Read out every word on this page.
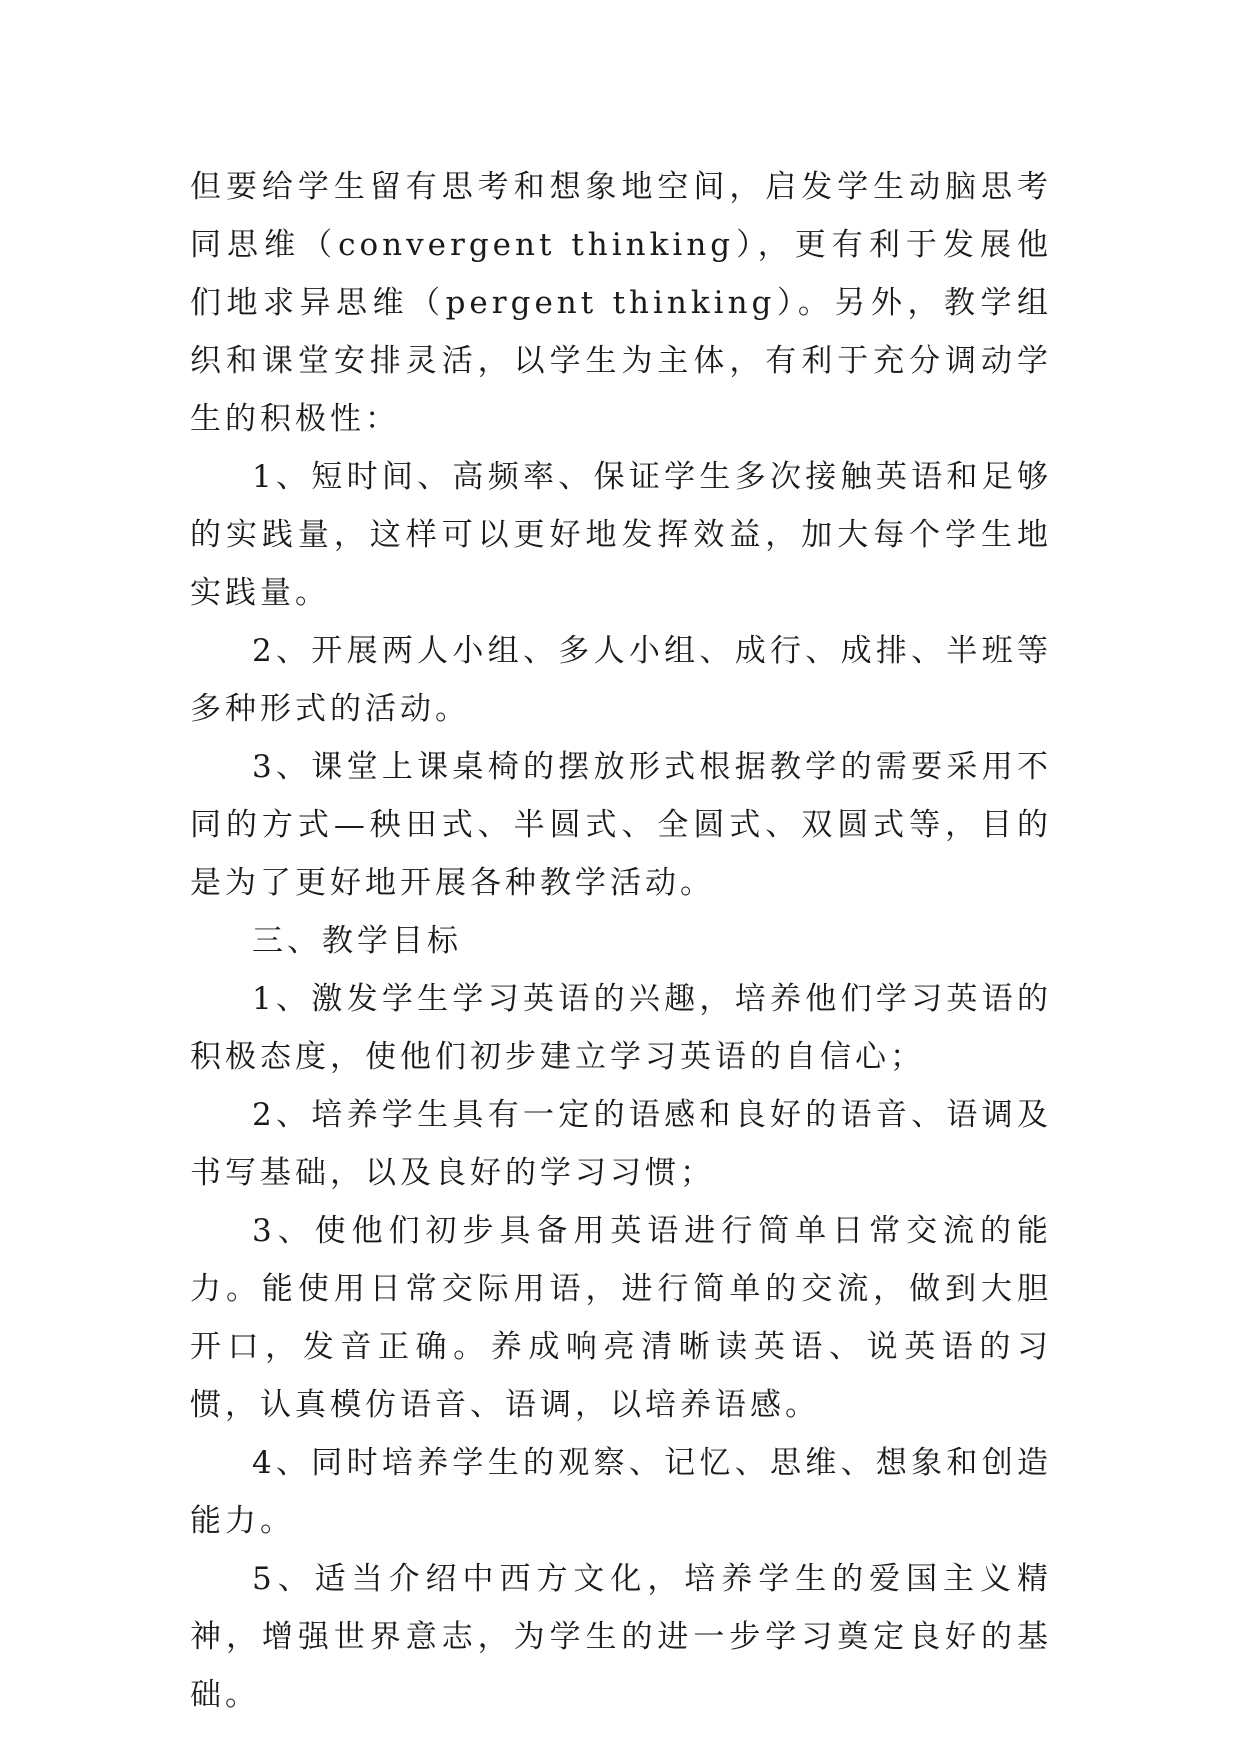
但要给学生留有思考和想象地空间，启发学生动脑思考同思维（convergent thinking），更有利于发展他们地求异思维（pergent thinking）。另外，教学组织和课堂安排灵活，以学生为主体，有利于充分调动学生的积极性：

1、短时间、高频率、保证学生多次接触英语和足够的实践量，这样可以更好地发挥效益，加大每个学生地实践量。

2、开展两人小组、多人小组、成行、成排、半班等多种形式的活动。

3、课堂上课桌椅的摆放形式根据教学的需要采用不同的方式—秧田式、半圆式、全圆式、双圆式等，目的是为了更好地开展各种教学活动。

三、教学目标

1、激发学生学习英语的兴趣，培养他们学习英语的积极态度，使他们初步建立学习英语的自信心；

2、培养学生具有一定的语感和良好的语音、语调及书写基础，以及良好的学习习惯；

3、使他们初步具备用英语进行简单日常交流的能力。能使用日常交际用语，进行简单的交流，做到大胆开口，发音正确。养成响亮清晰读英语、说英语的习惯，认真模仿语音、语调，以培养语感。

4、同时培养学生的观察、记忆、思维、想象和创造能力。

5、适当介绍中西方文化，培养学生的爱国主义精神，增强世界意志，为学生的进一步学习奠定良好的基础。
